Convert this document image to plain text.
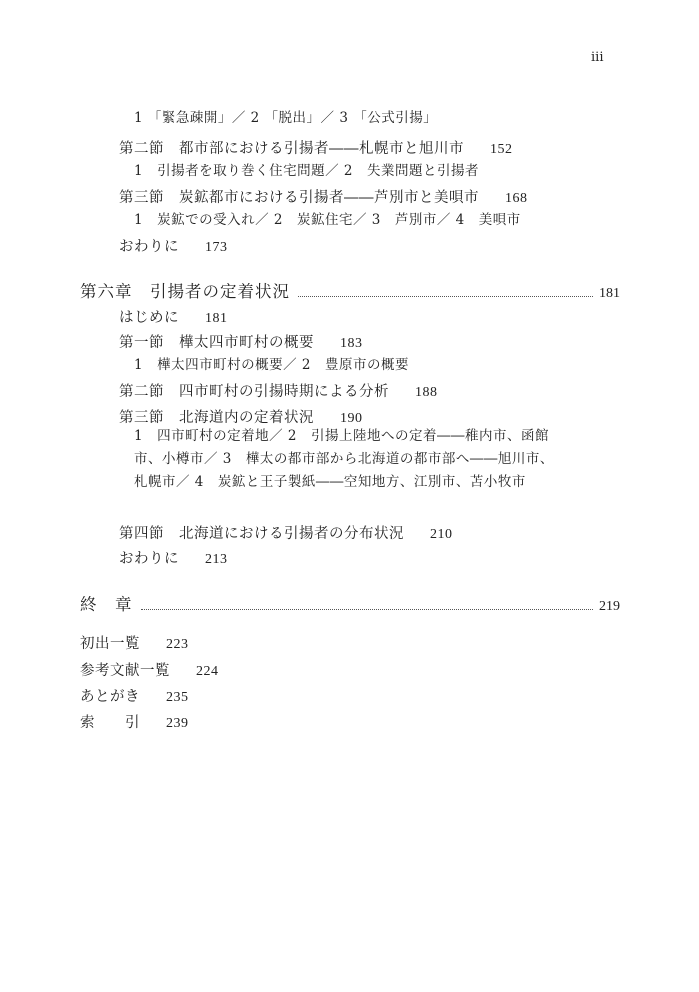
iii
1 「緊急疎開」／ 2 「脱出」／ 3 「公式引揚」
第二節　都市部における引揚者――札幌市と旭川市 152
1　引揚者を取り巻く住宅問題／ 2　失業問題と引揚者
第三節　炭鉱都市における引揚者――芦別市と美唄市 168
1　炭鉱での受入れ／ 2　炭鉱住宅／ 3　芦別市／ 4　美唄市
おわりに 173
第六章　引揚者の定着状況	181
はじめに 181
第一節　樺太四市町村の概要 183
1　樺太四市町村の概要／ 2　豊原市の概要
第二節　四市町村の引揚時期による分析 188
第三節　北海道内の定着状況 190
1　四市町村の定着地／ 2　引揚上陸地への定着――稚内市、函館市、小樽市／ 3　樺太の都市部から北海道の都市部へ――旭川市、札幌市／ 4　炭鉱と王子製紙――空知地方、江別市、苫小牧市
第四節　北海道における引揚者の分布状況 210
おわりに 213
終　章	219
初出一覧 223
参考文献一覧 224
あとがき 235
索　　引 239
